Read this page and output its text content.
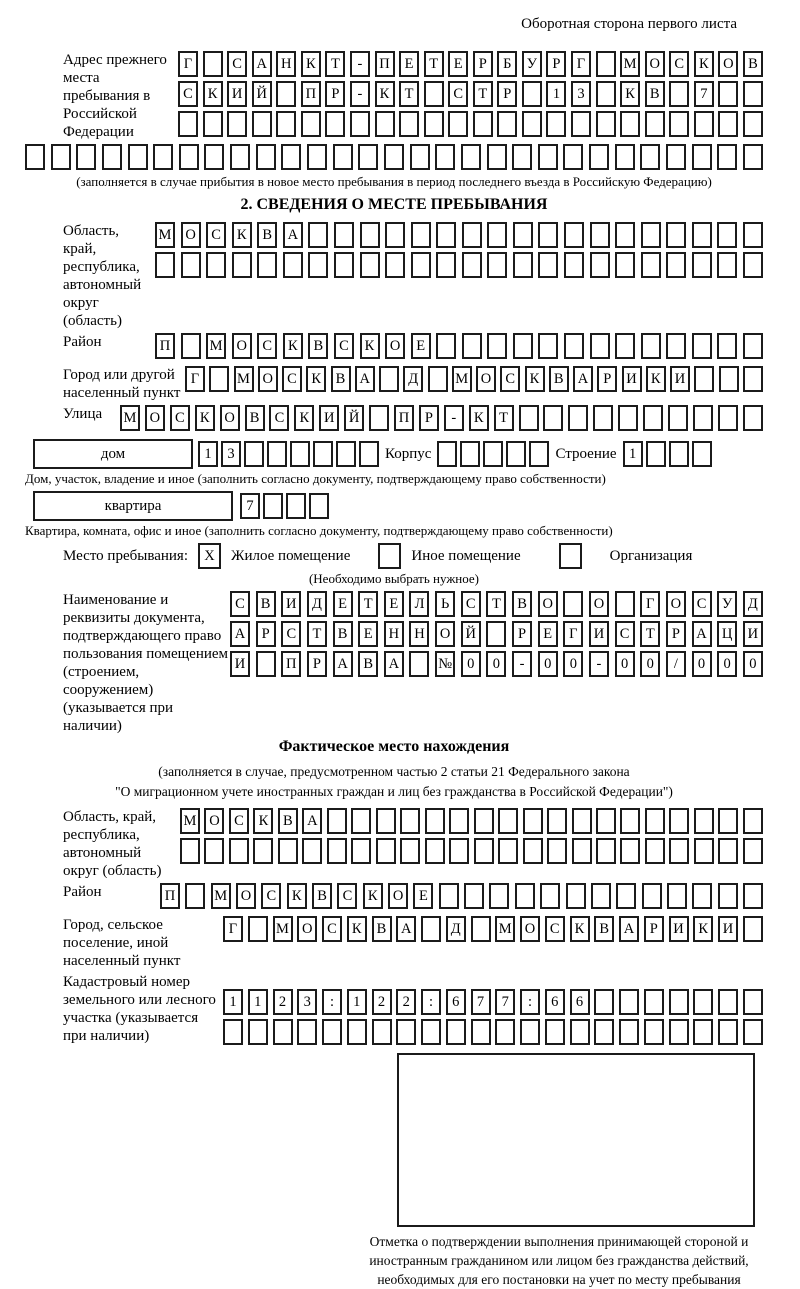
Оборотная сторона первого листа
Адрес прежнего места пребывания в Российской Федерации
Г	С А Н К	Т	-	П	Е	Т	Е	Р	Б	У	Р	Г	М О С	К О В
С	К И Й	П	Р	-	К	Т	С	Т	Р	1	3	К	В	7
(заполняется в случае прибытия в новое место пребывания в период последнего въезда в Российскую Федерацию)
2. СВЕДЕНИЯ О МЕСТЕ ПРЕБЫВАНИЯ
Область, край, республика, автономный округ (область)
М О	С	К	В	А
Район	П	М О	С	К	В	С	К	О	Е
Город или другой населенный пункт
Г	М О С	К	В А	Д	М О С	К	В А	Р	И К И
Улица	М О	С	К	О	В	С	К	И Й	П	Р	-	К	Т
дом	1	3	Корпус	Строение 1
Дом, участок, владение и иное (заполнить согласно документу, подтверждающему право собственности)
квартира	7
Квартира, комната, офис и иное (заполнить согласно документу, подтверждающему право собственности)
Место пребывания:	X	Жилое помещение	Иное помещение	Организация
(Необходимо выбрать нужное)
Наименование и реквизиты документа, подтверждающего право пользования помещением (строением, сооружением) (указывается при наличии)
С	В	И	Д	Е	Т	Е	Л	Ь	С	Т	В	О	О	Г	О	С	У	Д
А	Р	С	Т	В	Е	Н	Н	О	Й	Р	Е	Г	И	С	Т	Р	А	Ц	И
И	П	Р	А	В	А	№	0	0	-	0	0	-	0	0	/	0	0	0
Фактическое место нахождения
(заполняется в случае, предусмотренном частью 2 статьи 21 Федерального закона
"О миграционном учете иностранных граждан и лиц без гражданства в Российской Федерации")
Область, край, республика, автономный округ (область)
М О С	К	В А
Район	П	М О	С	К	В	С	К	О	Е
Город, сельское поселение, иной населенный пункт
Г	М О	С	К	В	А	Д	М О	С	К	В	А	Р	И	К	И
Кадастровый номер земельного или лесного участка (указывается при наличии)
1	1	2	3	:	1	2	2	:	6	7	7	:	6	6
Отметка о подтверждении выполнения принимающей стороной и иностранным гражданином или лицом без гражданства действий, необходимых для его постановки на учет по месту пребывания
